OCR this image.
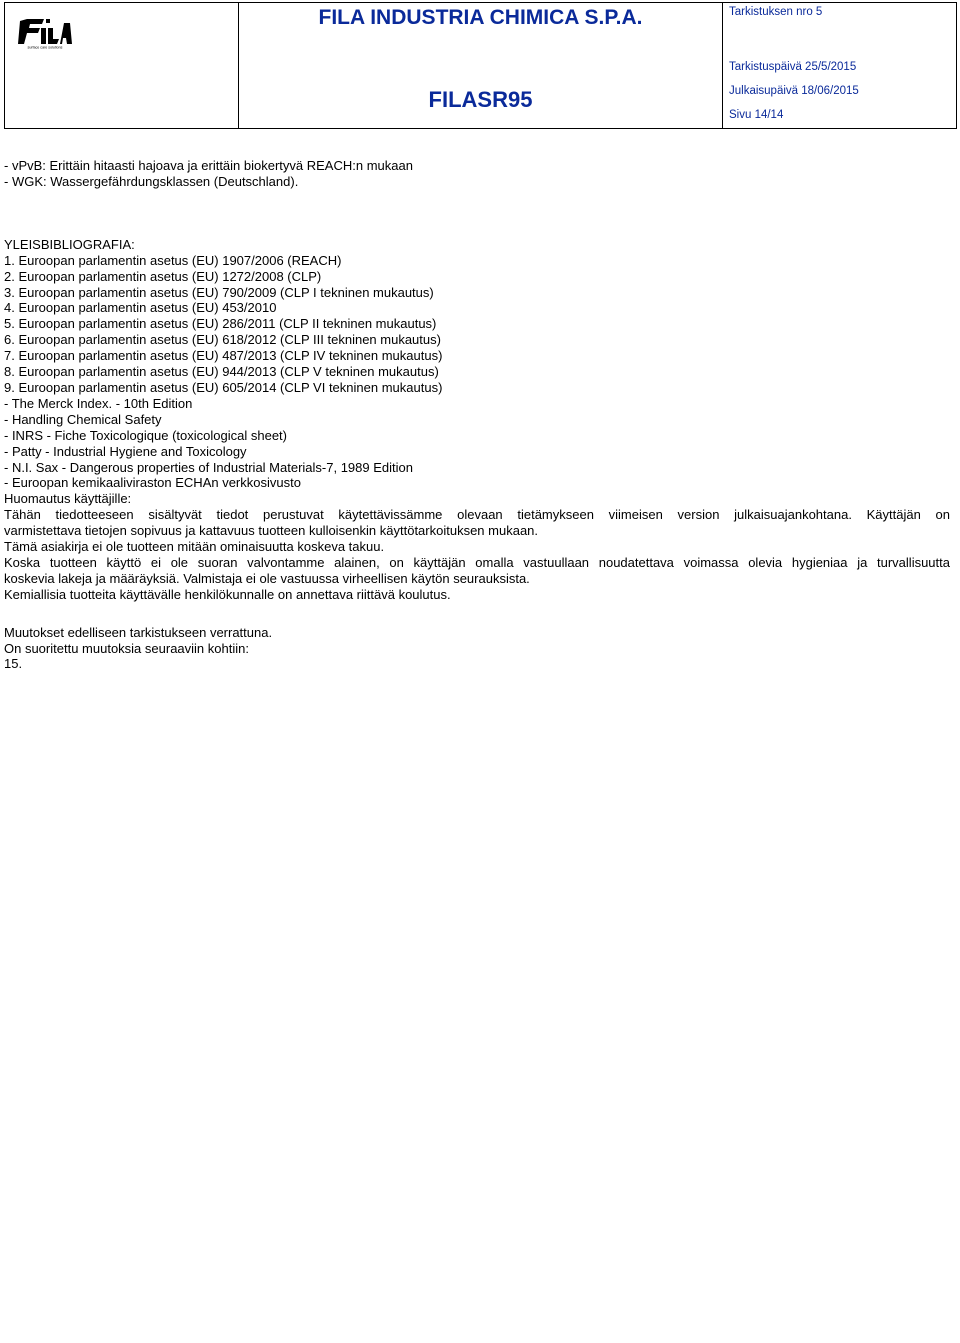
surface care solutions
FILA INDUSTRIA CHIMICA S.P.A.
FILASR95
Tarkistuksen nro 5
Tarkistuspäivä 25/5/2015
Julkaisupäivä 18/06/2015
Sivu 14/14
- vPvB: Erittäin hitaasti hajoava ja erittäin biokertyvä REACH:n mukaan
- WGK: Wassergefährdungsklassen (Deutschland).
YLEISBIBLIOGRAFIA:
1. Euroopan parlamentin asetus (EU) 1907/2006 (REACH)
2. Euroopan parlamentin asetus (EU) 1272/2008 (CLP)
3. Euroopan parlamentin asetus (EU) 790/2009 (CLP I tekninen mukautus)
4. Euroopan parlamentin asetus (EU) 453/2010
5. Euroopan parlamentin asetus (EU) 286/2011 (CLP II tekninen mukautus)
6. Euroopan parlamentin asetus (EU) 618/2012 (CLP III tekninen mukautus)
7. Euroopan parlamentin asetus (EU) 487/2013 (CLP IV tekninen mukautus)
8. Euroopan parlamentin asetus (EU) 944/2013 (CLP V tekninen mukautus)
9. Euroopan parlamentin asetus (EU) 605/2014 (CLP VI tekninen mukautus)
- The Merck Index. - 10th Edition
- Handling Chemical Safety
- INRS - Fiche Toxicologique (toxicological sheet)
- Patty - Industrial Hygiene and Toxicology
- N.I. Sax - Dangerous properties of Industrial Materials-7, 1989 Edition
- Euroopan kemikaaliviraston ECHAn verkkosivusto
Huomautus käyttäjille:
Tähän tiedotteeseen sisältyvät tiedot perustuvat käytettävissämme olevaan tietämykseen viimeisen version julkaisuajankohtana. Käyttäjän on
varmistettava tietojen sopivuus ja kattavuus tuotteen kulloisenkin käyttötarkoituksen mukaan.
Tämä asiakirja ei ole tuotteen mitään ominaisuutta koskeva takuu.
Koska tuotteen käyttö ei ole suoran valvontamme alainen, on käyttäjän omalla vastuullaan noudatettava voimassa olevia hygieniaa ja turvallisuutta
koskevia lakeja ja määräyksiä. Valmistaja ei ole vastuussa virheellisen käytön seurauksista.
Kemiallisia tuotteita käyttävälle henkilökunnalle on annettava riittävä koulutus.
Muutokset edelliseen tarkistukseen verrattuna.
On suoritettu muutoksia seuraaviin kohtiin:
15.
